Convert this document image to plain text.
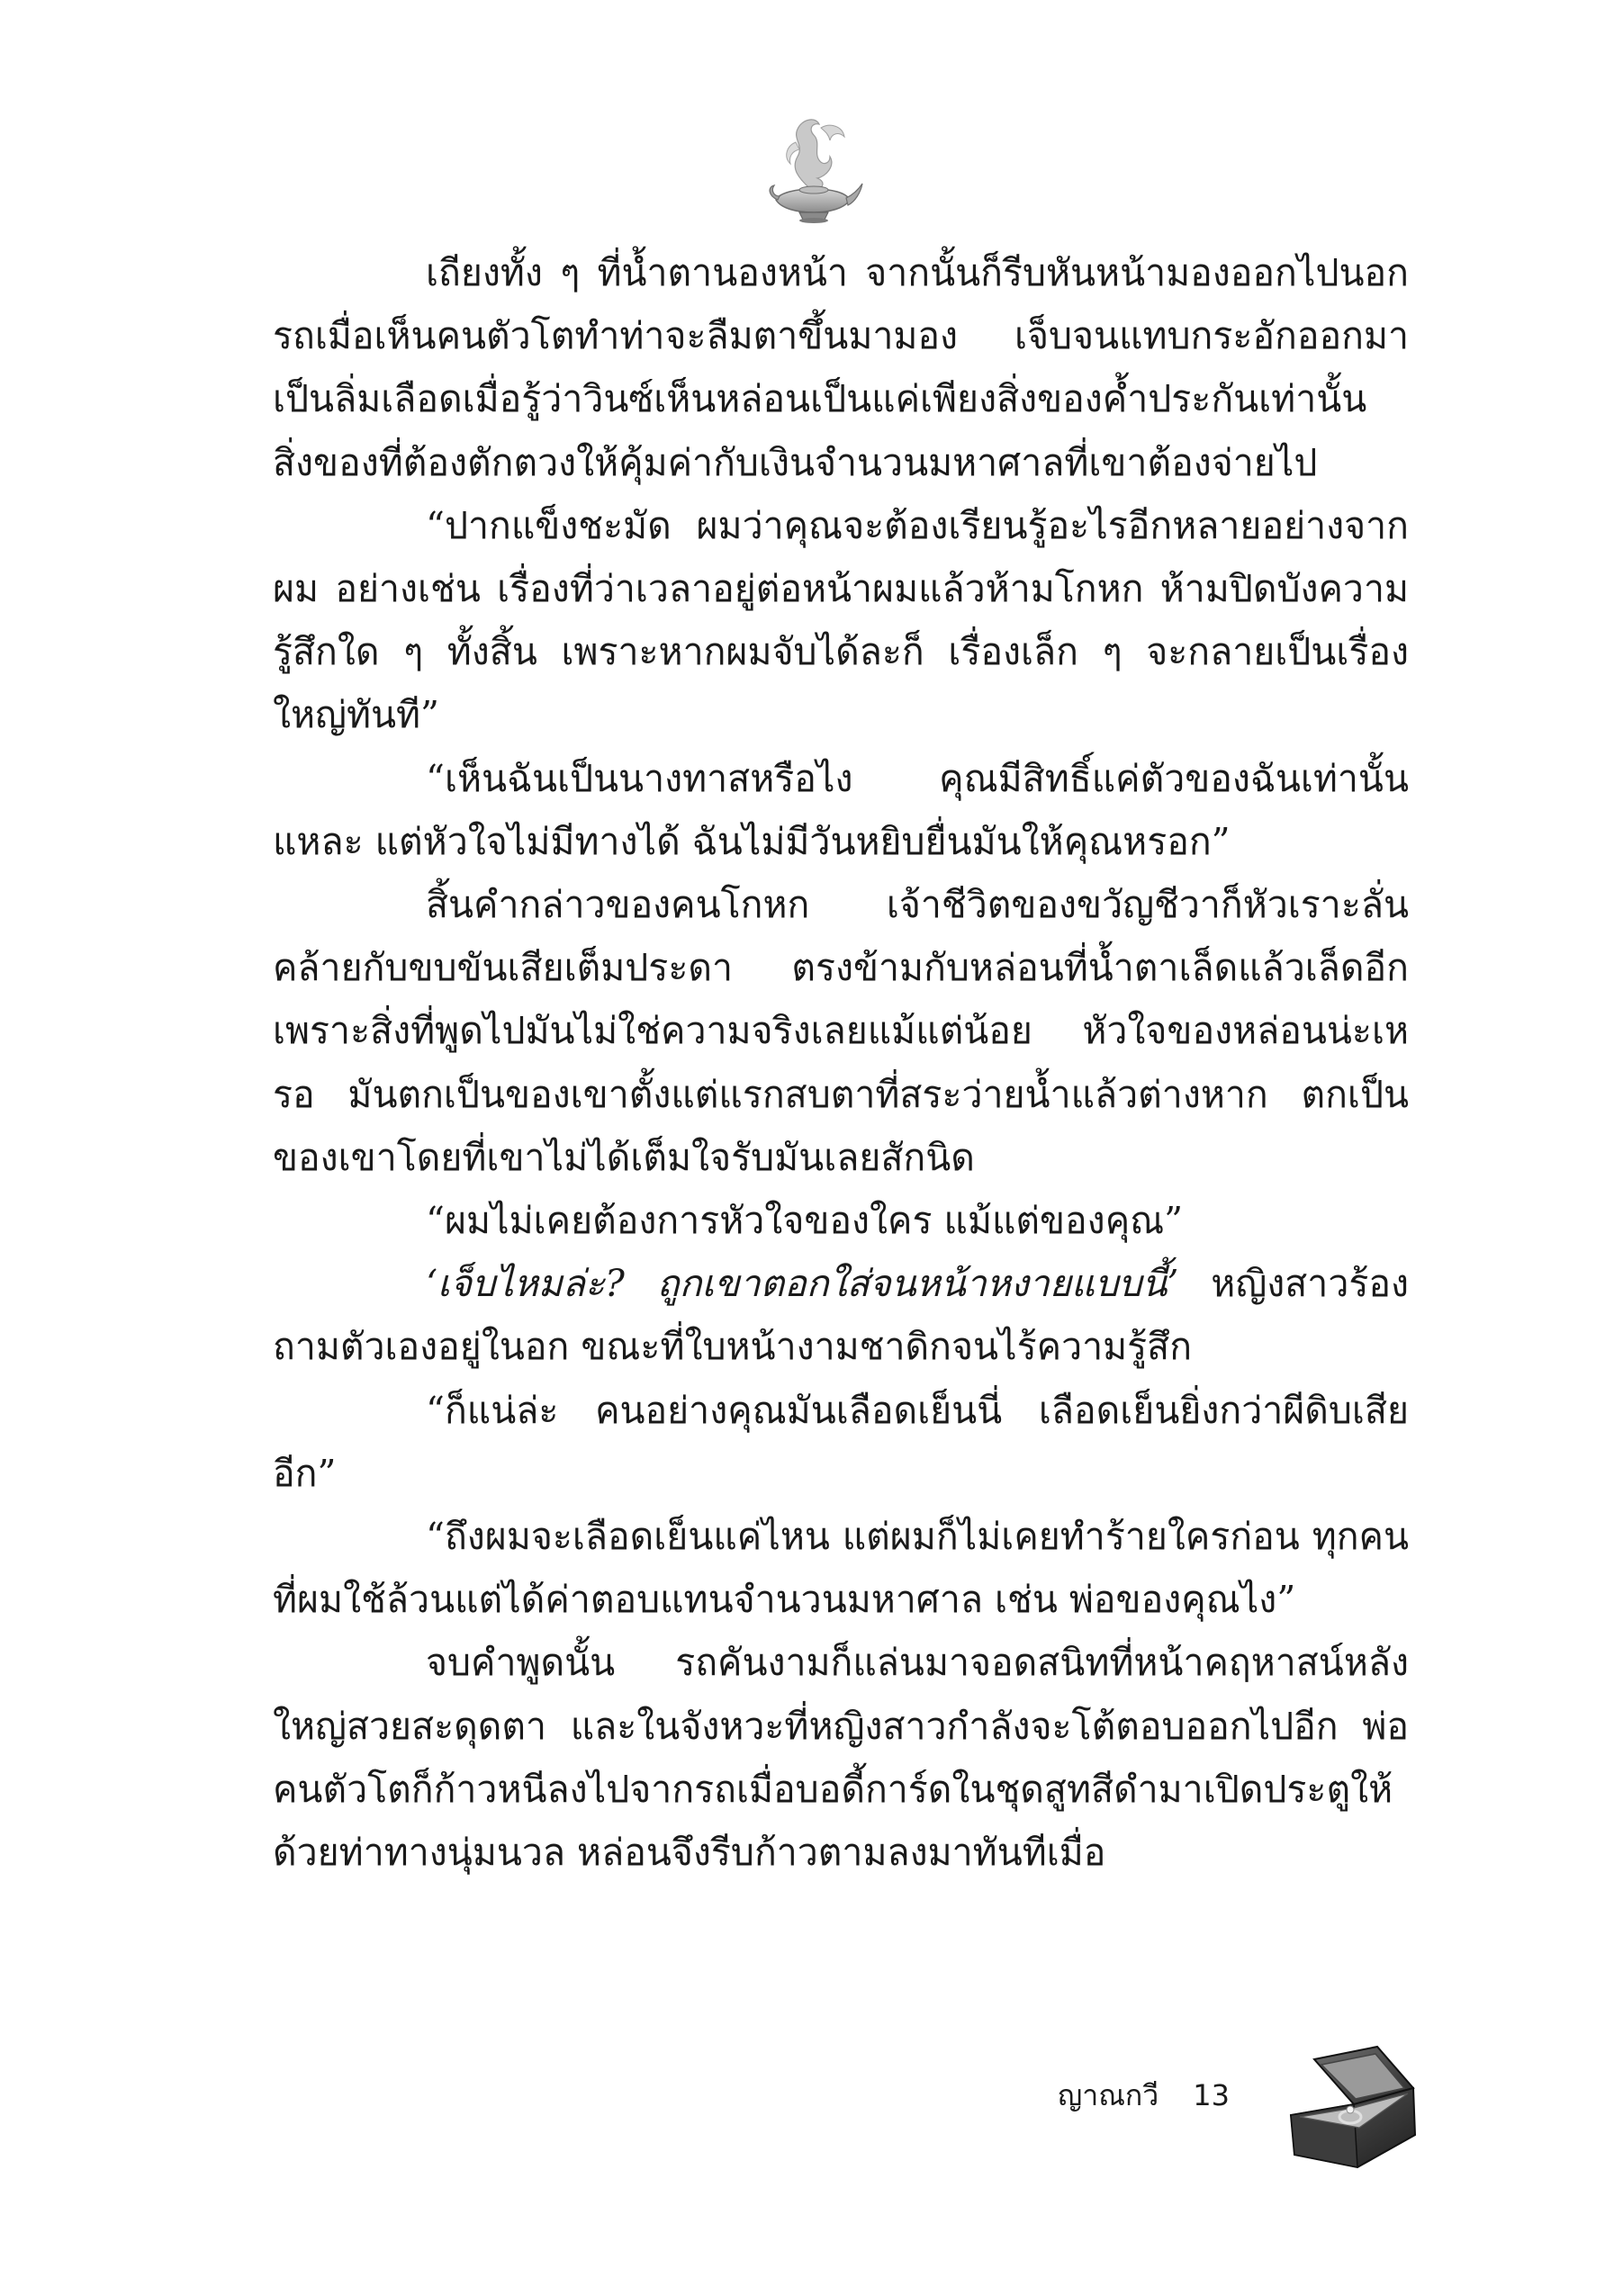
เถียงทั้ง ๆ ที่น้ำตานองหน้า จากนั้นก็รีบหันหน้ามองออกไปนอกรถเมื่อเห็นคนตัวโตทำท่าจะลืมตาขึ้นมามอง เจ็บจนแทบกระอักออกมาเป็นลิ่มเลือดเมื่อรู้ว่าวินซ์เห็นหล่อนเป็นแค่เพียงสิ่งของค้ำประกันเท่านั้น สิ่งของที่ต้องตักตวงให้คุ้มค่ากับเงินจำนวนมหาศาลที่เขาต้องจ่ายไป

“ปากแข็งชะมัด ผมว่าคุณจะต้องเรียนรู้อะไรอีกหลายอย่างจากผม อย่างเช่น เรื่องที่ว่าเวลาอยู่ต่อหน้าผมแล้วห้ามโกหก ห้ามปิดบังความรู้สึกใด ๆ ทั้งสิ้น เพราะหากผมจับได้ละก็ เรื่องเล็ก ๆ จะกลายเป็นเรื่องใหญ่ทันที”

“เห็นฉันเป็นนางทาสหรือไง คุณมีสิทธิ์แค่ตัวของฉันเท่านั้นแหละ แต่หัวใจไม่มีทางได้ ฉันไม่มีวันหยิบยื่นมันให้คุณหรอก”

สิ้นคำกล่าวของคนโกหก เจ้าชีวิตของขวัญชีวาก็หัวเราะลั่นคล้ายกับขบขันเสียเต็มประดา ตรงข้ามกับหล่อนที่น้ำตาเล็ดแล้วเล็ดอีกเพราะสิ่งที่พูดไปมันไม่ใช่ความจริงเลยแม้แต่น้อย หัวใจของหล่อนน่ะเหรอ มันตกเป็นของเขาตั้งแต่แรกสบตาที่สระว่ายน้ำแล้วต่างหาก ตกเป็นของเขาโดยที่เขาไม่ได้เต็มใจรับมันเลยสักนิด

“ผมไม่เคยต้องการหัวใจของใคร แม้แต่ของคุณ”

‘เจ็บไหมล่ะ? ถูกเขาตอกใส่จนหน้าหงายแบบนี้’ หญิงสาวร้องถามตัวเองอยู่ในอก ขณะที่ใบหน้างามชาดิกจนไร้ความรู้สึก

“ก็แน่ล่ะ คนอย่างคุณมันเลือดเย็นนี่ เลือดเย็นยิ่งกว่าผีดิบเสียอีก”

“ถึงผมจะเลือดเย็นแค่ไหน แต่ผมก็ไม่เคยทำร้ายใครก่อน ทุกคนที่ผมใช้ล้วนแต่ได้ค่าตอบแทนจำนวนมหาศาล เช่น พ่อของคุณไง”

จบคำพูดนั้น รถคันงามก็แล่นมาจอดสนิทที่หน้าคฤหาสน์หลังใหญ่สวยสะดุดตา และในจังหวะที่หญิงสาวกำลังจะโต้ตอบออกไปอีก พ่อคนตัวโตก็ก้าวหนีลงไปจากรถเมื่อบอดี้การ์ดในชุดสูทสีดำมาเปิดประตูให้ด้วยท่าทางนุ่มนวล หล่อนจึงรีบก้าวตามลงมาทันทีเมื่อ

ญาณกวี 13
